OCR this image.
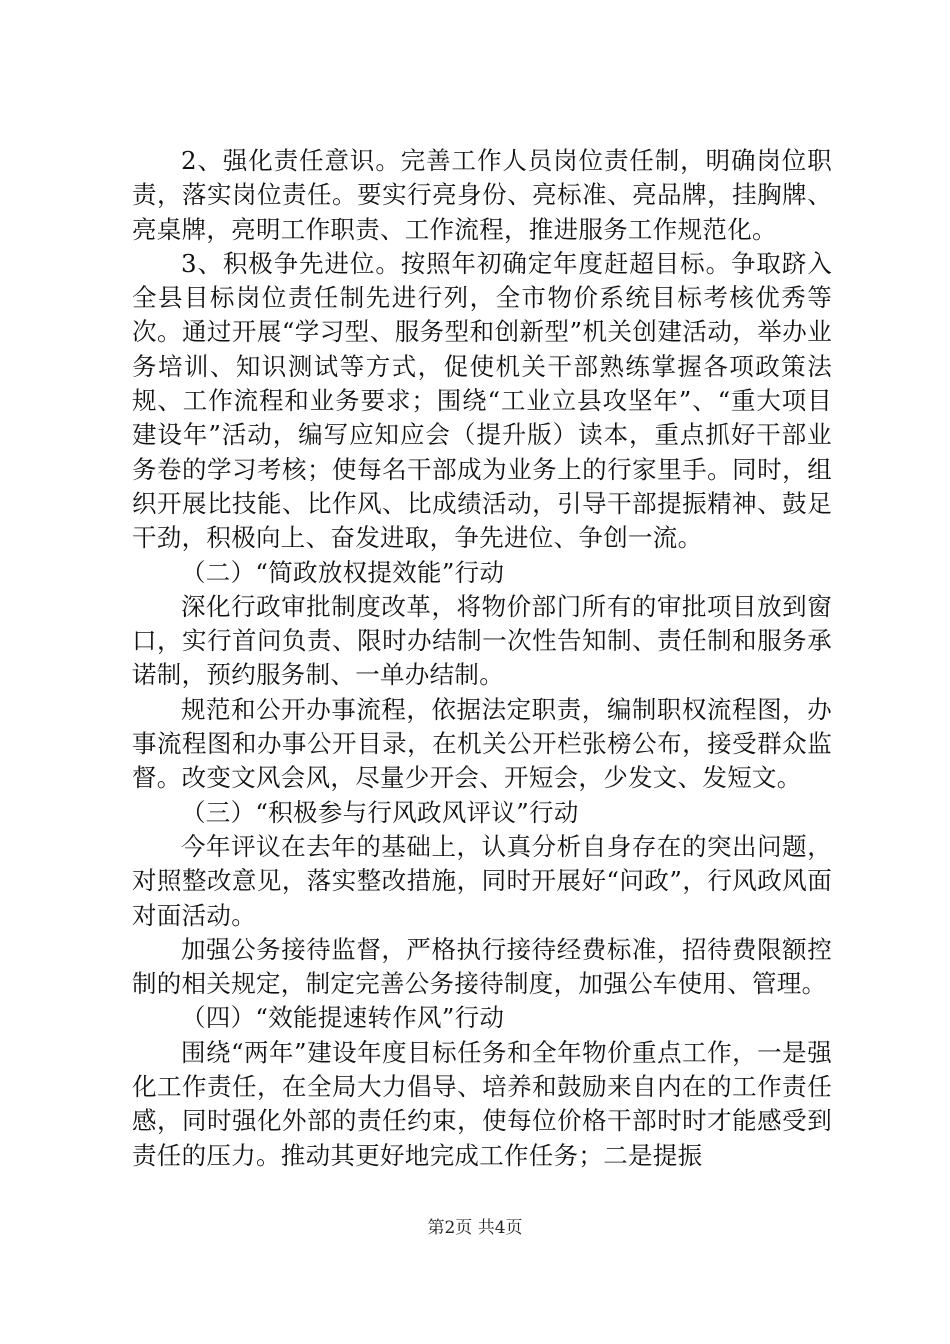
2、强化责任意识。完善工作人员岗位责任制，明确岗位职责，落实岗位责任。要实行亮身份、亮标准、亮品牌，挂胸牌、亮桌牌，亮明工作职责、工作流程，推进服务工作规范化。

3、积极争先进位。按照年初确定年度赶超目标。争取跻入全县目标岗位责任制先进行列，全市物价系统目标考核优秀等次。通过开展“学习型、服务型和创新型”机关创建活动，举办业务培训、知识测试等方式，促使机关干部熟练掌握各项政策法规、工作流程和业务要求；围绕“工业立县攻坚年”、“重大项目建设年”活动，编写应知应会（提升版）读本，重点抓好干部业务卷的学习考核；使每名干部成为业务上的行家里手。同时，组织开展比技能、比作风、比成绩活动，引导干部提振精神、鼓足干劲，积极向上、奋发进取，争先进位、争创一流。

（二）“简政放权提效能”行动

深化行政审批制度改革，将物价部门所有的审批项目放到窗口，实行首问负责、限时办结制一次性告知制、责任制和服务承诺制，预约服务制、一单办结制。

规范和公开办事流程，依据法定职责，编制职权流程图，办事流程图和办事公开目录，在机关公开栏张榜公布，接受群众监督。改变文风会风，尽量少开会、开短会，少发文、发短文。

（三）“积极参与行风政风评议”行动

今年评议在去年的基础上，认真分析自身存在的突出问题，对照整改意见，落实整改措施，同时开展好“问政”，行风政风面对面活动。

加强公务接待监督，严格执行接待经费标准，招待费限额控制的相关规定，制定完善公务接待制度，加强公车使用、管理。

（四）“效能提速转作风”行动

围绕“两年”建设年度目标任务和全年物价重点工作，一是强化工作责任，在全局大力倡导、培养和鼓励来自内在的工作责任感，同时强化外部的责任约束，使每位价格干部时时才能感受到责任的压力。推动其更好地完成工作任务；二是提振

第2页 共4页
